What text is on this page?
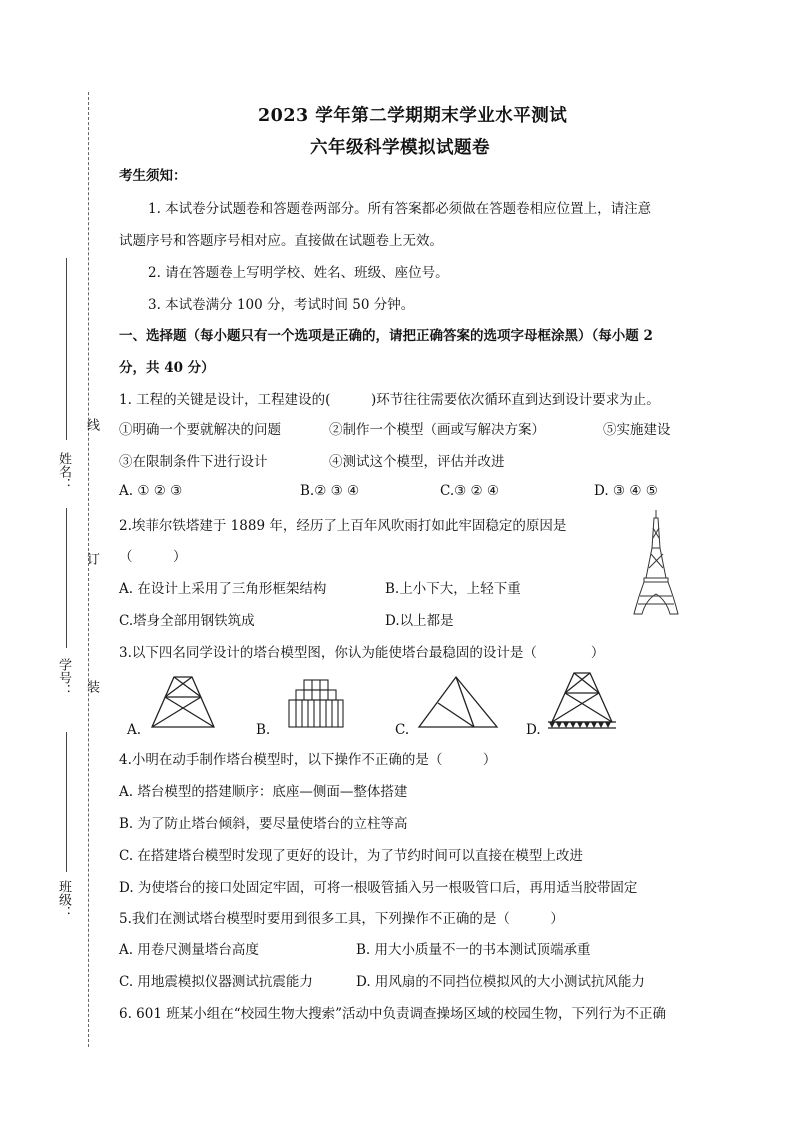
线
订
装
姓名：
学号：
班级：
2023 学年第二学期期末学业水平测试
六年级科学模拟试题卷
考生须知：
1. 本试卷分试题卷和答题卷两部分。所有答案都必须做在答题卷相应位置上，请注意
试题序号和答题序号相对应。直接做在试题卷上无效。
2. 请在答题卷上写明学校、姓名、班级、座位号。
3. 本试卷满分 100 分，考试时间 50 分钟。
一、选择题（每小题只有一个选项是正确的，请把正确答案的选项字母框涂黑）（每小题 2
分，共 40 分）
1. 工程的关键是设计，工程建设的(　　　)环节往往需要依次循环直到达到设计要求为止。
①明确一个要就解决的问题	②制作一个模型（画或写解决方案）	⑤实施建设
③在限制条件下进行设计	④测试这个模型，评估并改进
A. ① ② ③	B.② ③ ④	C.③ ② ④	D. ③ ④ ⑤
2.埃菲尔铁塔建于 1889 年，经历了上百年风吹雨打如此牢固稳定的原因是
（　　　）
A. 在设计上采用了三角形框架结构	B.上小下大，上轻下重
C.塔身全部用钢铁筑成	D.以上都是
3.以下四名同学设计的塔台模型图，你认为能使塔台最稳固的设计是（　　　　）
A.	B.	C.	D.
4.小明在动手制作塔台模型时，以下操作不正确的是（　　　）
A. 塔台模型的搭建顺序：底座—侧面—整体搭建
B. 为了防止塔台倾斜，要尽量使塔台的立柱等高
C. 在搭建塔台模型时发现了更好的设计，为了节约时间可以直接在模型上改进
D. 为使塔台的接口处固定牢固，可将一根吸管插入另一根吸管口后，再用适当胶带固定
5.我们在测试塔台模型时要用到很多工具，下列操作不正确的是（　　　）
A. 用卷尺测量塔台高度	B. 用大小质量不一的书本测试顶端承重
C. 用地震模拟仪器测试抗震能力	D. 用风扇的不同挡位模拟风的大小测试抗风能力
6. 601 班某小组在“校园生物大搜索”活动中负责调查操场区域的校园生物，下列行为不正确
